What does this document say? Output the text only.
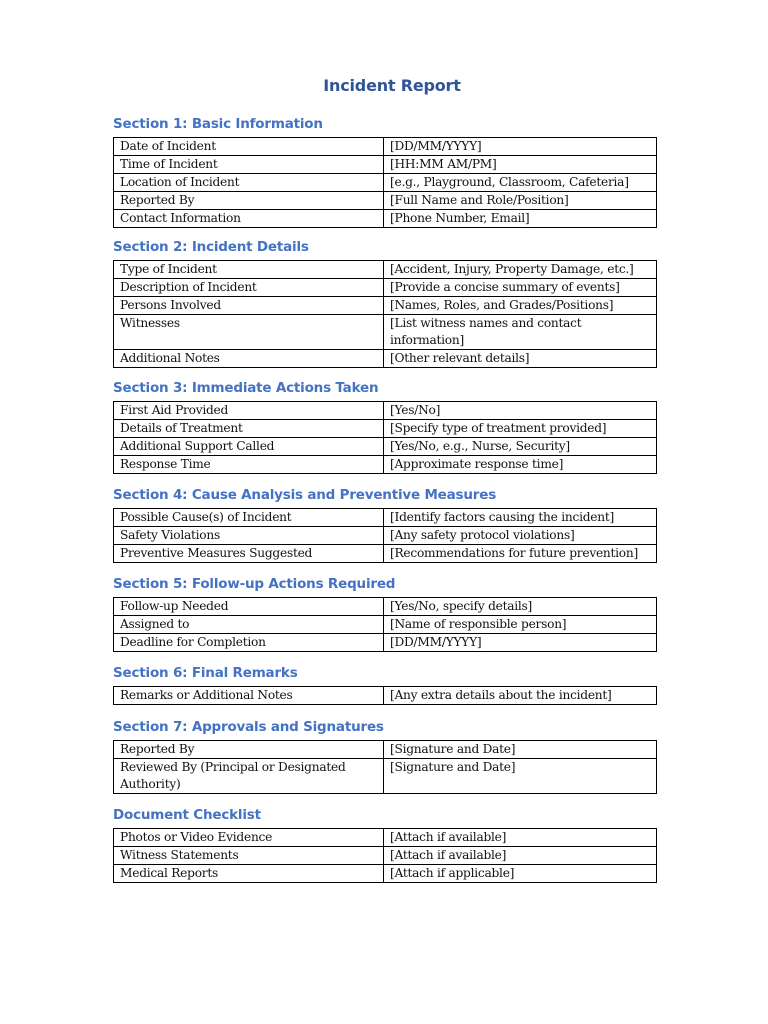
Incident Report
Section 1: Basic Information
Date of Incident	[DD/MM/YYYY]
Time of Incident	[HH:MM AM/PM]
Location of Incident	[e.g., Playground, Classroom, Cafeteria]
Reported By	[Full Name and Role/Position]
Contact Information	[Phone Number, Email]
Section 2: Incident Details
Type of Incident	[Accident, Injury, Property Damage, etc.]
Description of Incident	[Provide a concise summary of events]
Persons Involved	[Names, Roles, and Grades/Positions]
Witnesses	[List witness names and contact information]
Additional Notes	[Other relevant details]
Section 3: Immediate Actions Taken
First Aid Provided	[Yes/No]
Details of Treatment	[Specify type of treatment provided]
Additional Support Called	[Yes/No, e.g., Nurse, Security]
Response Time	[Approximate response time]
Section 4: Cause Analysis and Preventive Measures
Possible Cause(s) of Incident	[Identify factors causing the incident]
Safety Violations	[Any safety protocol violations]
Preventive Measures Suggested	[Recommendations for future prevention]
Section 5: Follow-up Actions Required
Follow-up Needed	[Yes/No, specify details]
Assigned to	[Name of responsible person]
Deadline for Completion	[DD/MM/YYYY]
Section 6: Final Remarks
Remarks or Additional Notes	[Any extra details about the incident]
Section 7: Approvals and Signatures
Reported By	[Signature and Date]
Reviewed By (Principal or Designated Authority)	[Signature and Date]
Document Checklist
Photos or Video Evidence	[Attach if available]
Witness Statements	[Attach if available]
Medical Reports	[Attach if applicable]
